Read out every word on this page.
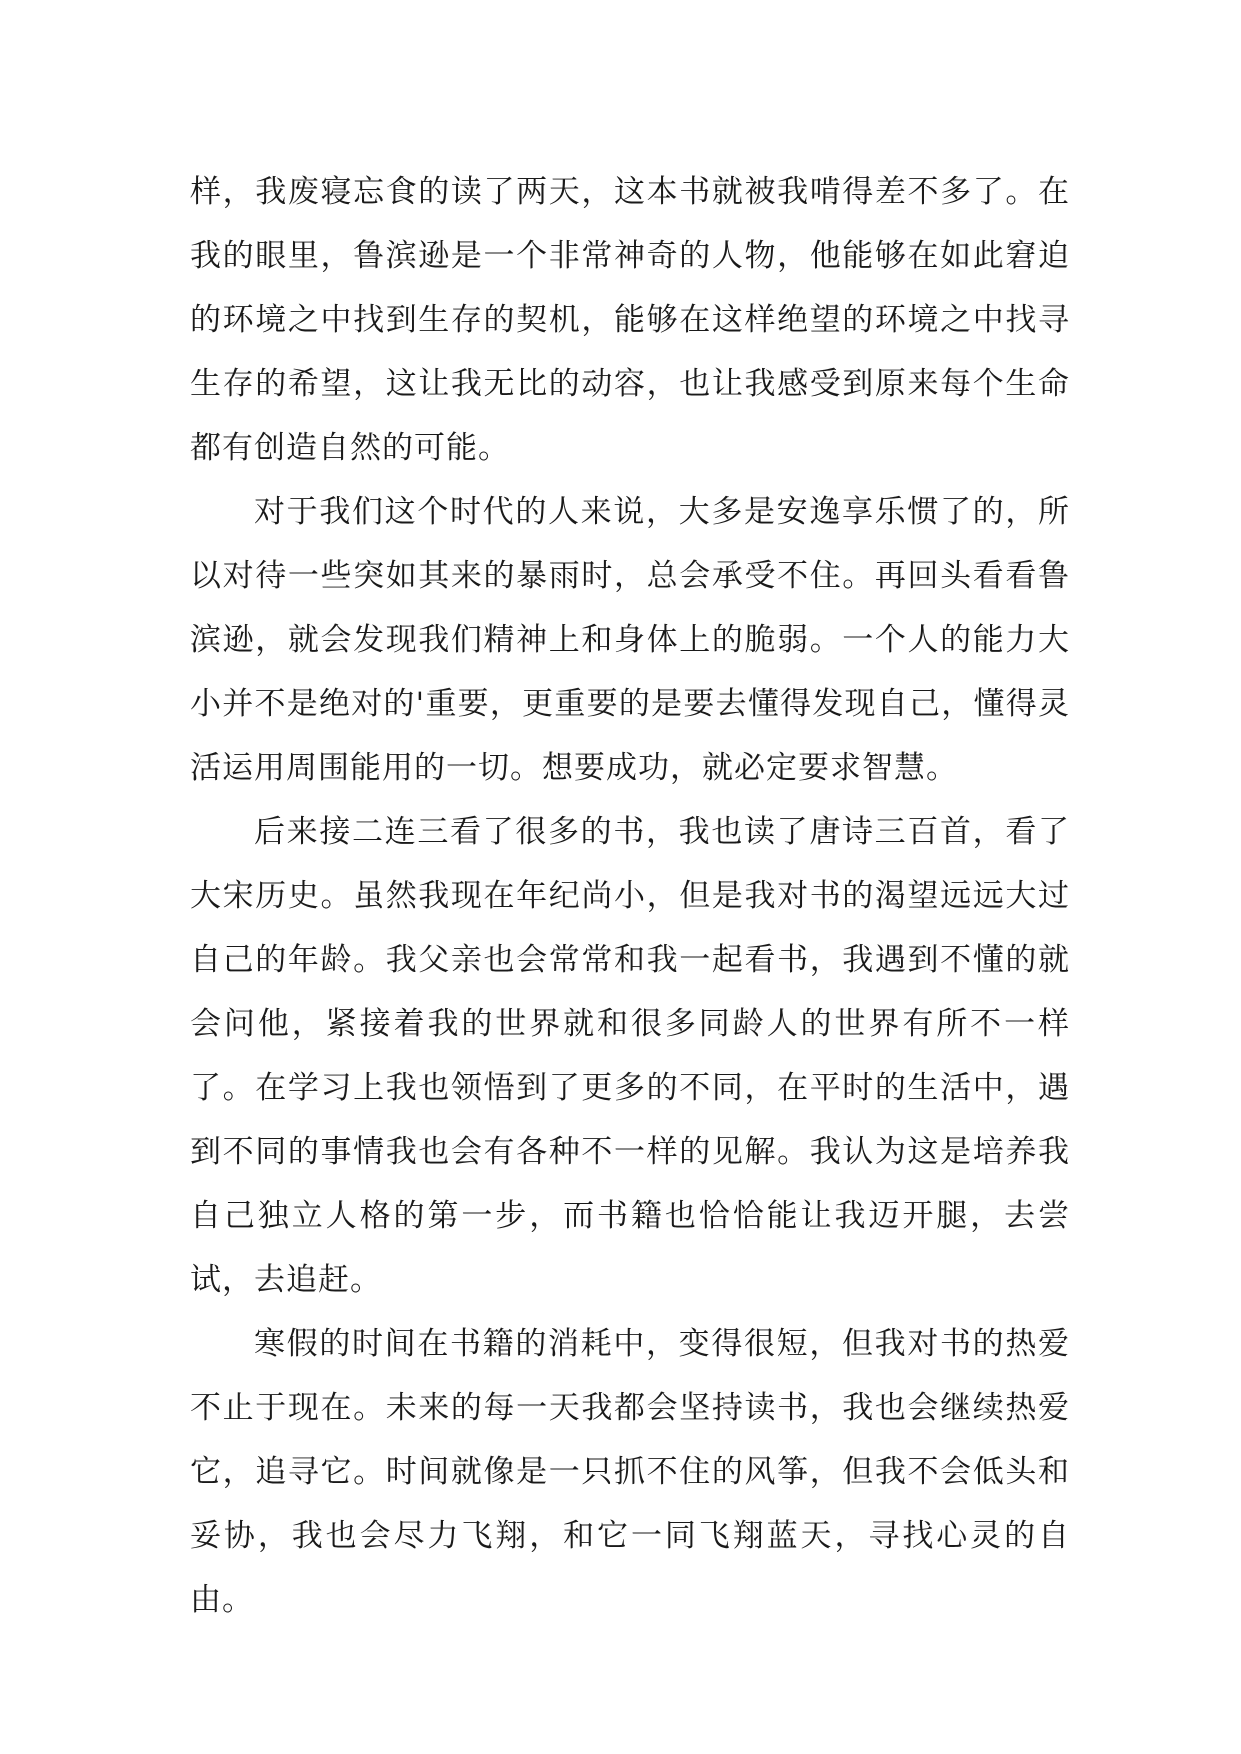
样，我废寝忘食的读了两天，这本书就被我啃得差不多了。在我的眼里，鲁滨逊是一个非常神奇的人物，他能够在如此窘迫的环境之中找到生存的契机，能够在这样绝望的环境之中找寻生存的希望，这让我无比的动容，也让我感受到原来每个生命都有创造自然的可能。

对于我们这个时代的人来说，大多是安逸享乐惯了的，所以对待一些突如其来的暴雨时，总会承受不住。再回头看看鲁滨逊，就会发现我们精神上和身体上的脆弱。一个人的能力大小并不是绝对的'重要，更重要的是要去懂得发现自己，懂得灵活运用周围能用的一切。想要成功，就必定要求智慧。

后来接二连三看了很多的书，我也读了唐诗三百首，看了大宋历史。虽然我现在年纪尚小，但是我对书的渴望远远大过自己的年龄。我父亲也会常常和我一起看书，我遇到不懂的就会问他，紧接着我的世界就和很多同龄人的世界有所不一样了。在学习上我也领悟到了更多的不同，在平时的生活中，遇到不同的事情我也会有各种不一样的见解。我认为这是培养我自己独立人格的第一步，而书籍也恰恰能让我迈开腿，去尝试，去追赶。

寒假的时间在书籍的消耗中，变得很短，但我对书的热爱不止于现在。未来的每一天我都会坚持读书，我也会继续热爱它，追寻它。时间就像是一只抓不住的风筝，但我不会低头和妥协，我也会尽力飞翔，和它一同飞翔蓝天，寻找心灵的自由。
